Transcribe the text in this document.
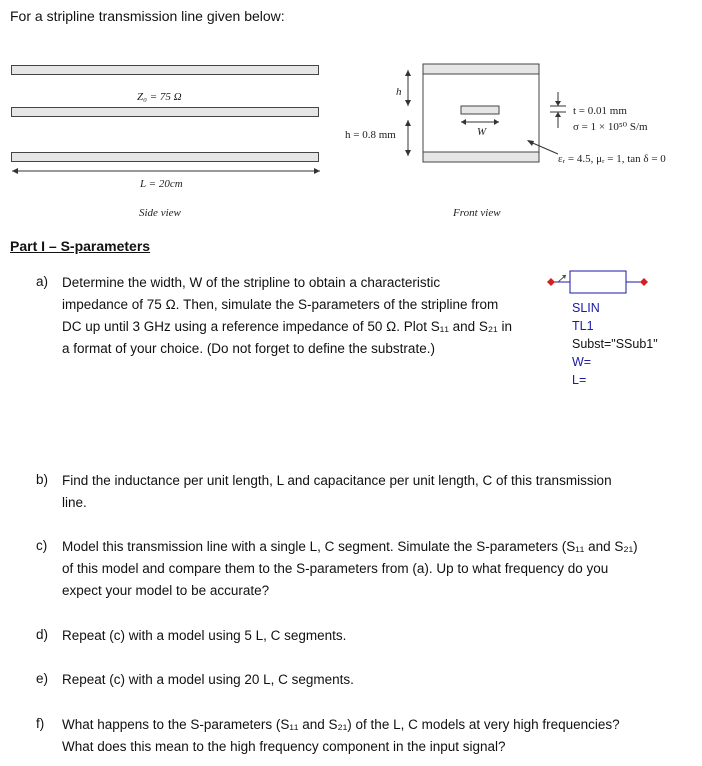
For a stripline transmission line given below:
Z₀ = 75 Ω
L = 20cm
Side view
h
h = 0.8 mm	W
t = 0.01 mm
σ = 1 × 10⁵⁰ S/m
εᵣ = 4.5, μᵣ = 1, tan δ = 0
Front view
Part I – S-parameters
a) Determine the width, W of the stripline to obtain a characteristic
impedance of 75 Ω. Then, simulate the S-parameters of the stripline from
DC up until 3 GHz using a reference impedance of 50 Ω. Plot S₁₁ and S₂₁ in
a format of your choice. (Do not forget to define the substrate.)
SLIN
TL1
Subst="SSub1"
W=
L=
b) Find the inductance per unit length, L and capacitance per unit length, C of this transmission
line.
c) Model this transmission line with a single L, C segment. Simulate the S-parameters (S₁₁ and S₂₁)
of this model and compare them to the S-parameters from (a). Up to what frequency do you
expect your model to be accurate?
d) Repeat (c) with a model using 5 L, C segments.
e) Repeat (c) with a model using 20 L, C segments.
f) What happens to the S-parameters (S₁₁ and S₂₁) of the L, C models at very high frequencies?
What does this mean to the high frequency component in the input signal?
